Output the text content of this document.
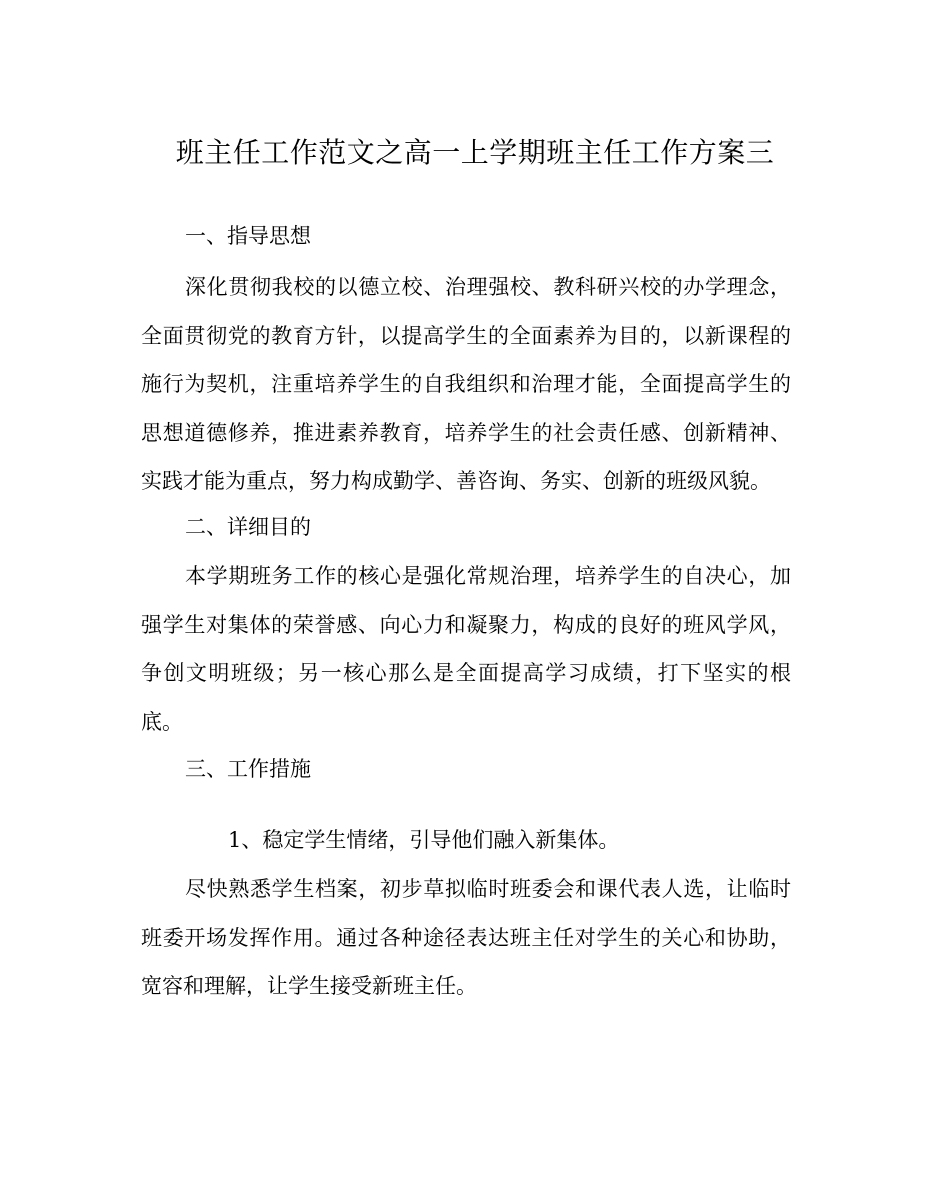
班主任工作范文之高一上学期班主任工作方案三
一、指导思想
深化贯彻我校的以德立校、治理强校、教科研兴校的办学理念，
全面贯彻党的教育方针，以提高学生的全面素养为目的，以新课程的
施行为契机，注重培养学生的自我组织和治理才能，全面提高学生的
思想道德修养，推进素养教育，培养学生的社会责任感、创新精神、
实践才能为重点，努力构成勤学、善咨询、务实、创新的班级风貌。
二、详细目的
本学期班务工作的核心是强化常规治理，培养学生的自决心，加
强学生对集体的荣誉感、向心力和凝聚力，构成的良好的班风学风，
争创文明班级；另一核心那么是全面提高学习成绩，打下坚实的根
底。
三、工作措施
1、稳定学生情绪，引导他们融入新集体。
尽快熟悉学生档案，初步草拟临时班委会和课代表人选，让临时
班委开场发挥作用。通过各种途径表达班主任对学生的关心和协助，
宽容和理解，让学生接受新班主任。
